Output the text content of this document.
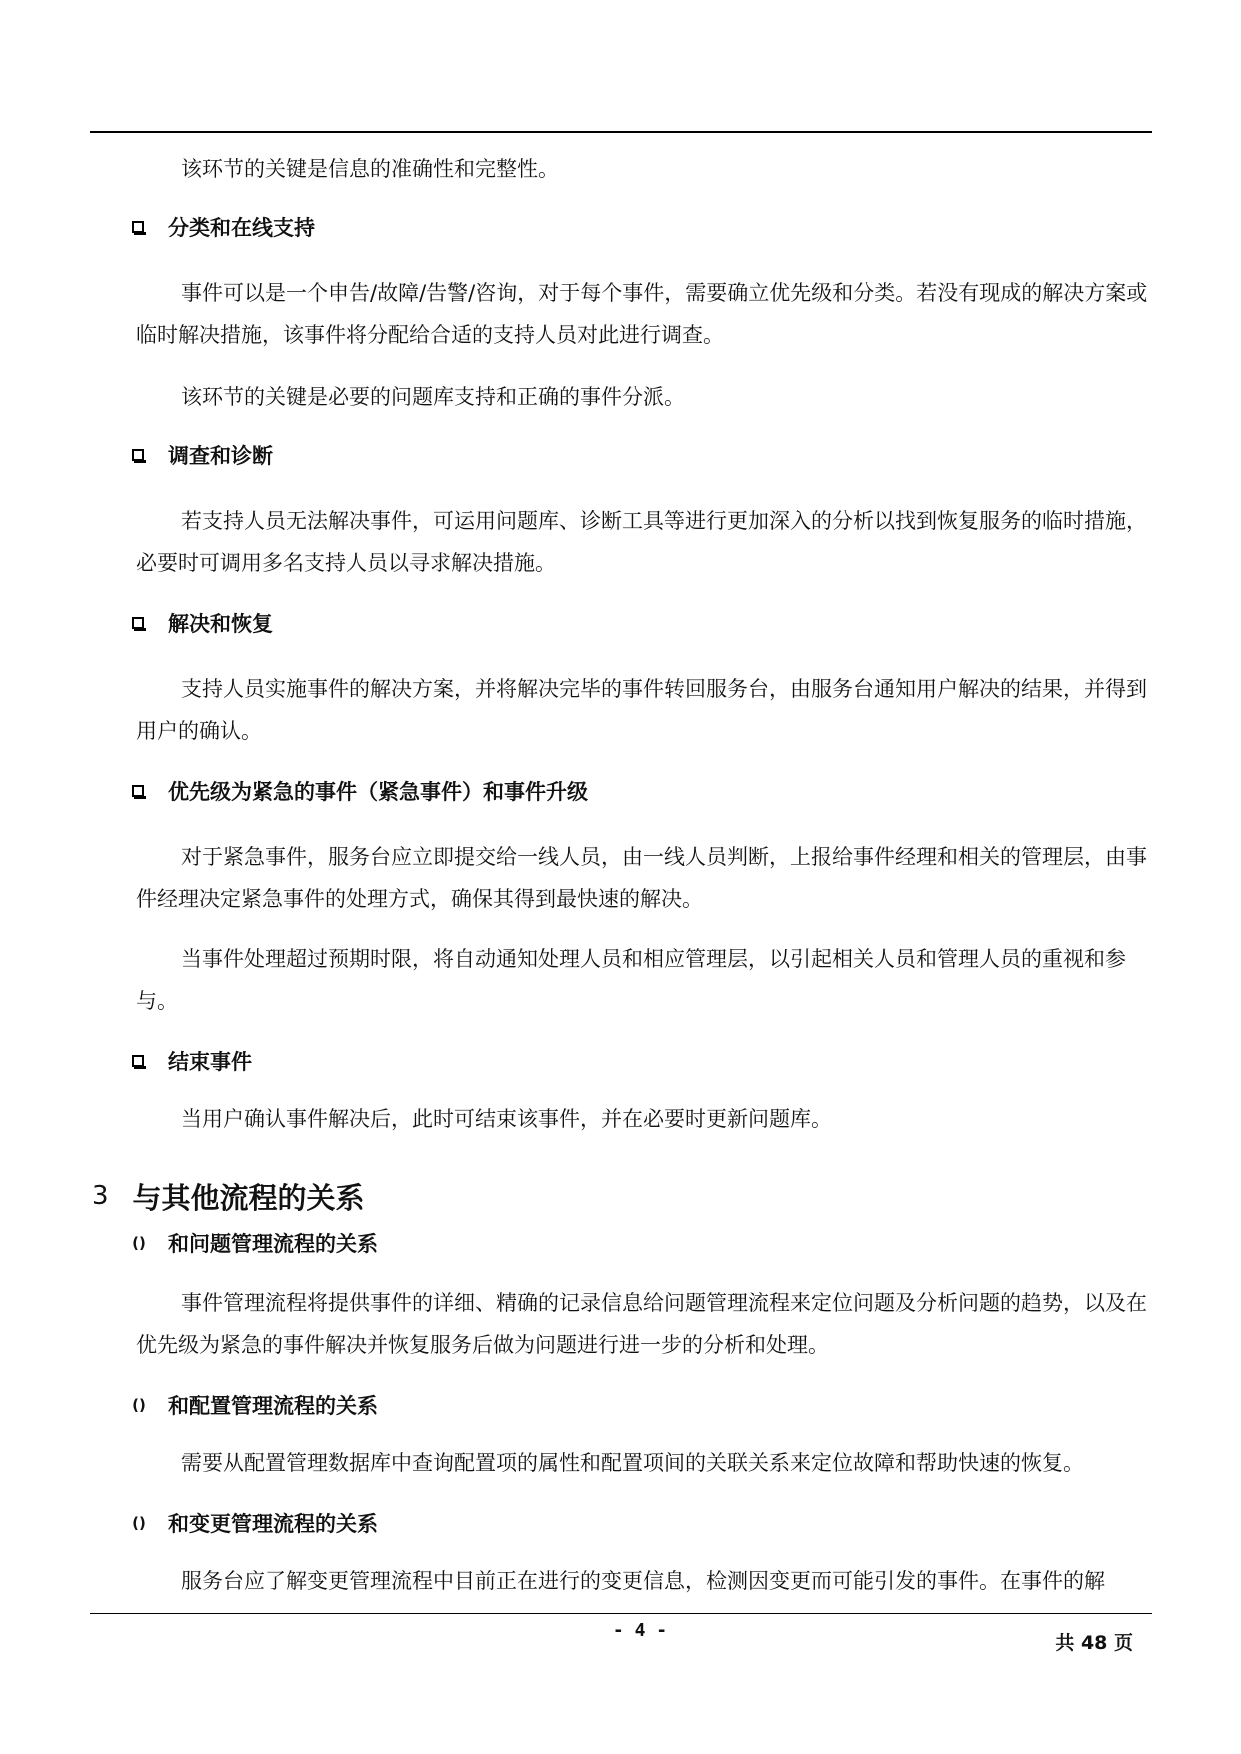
该环节的关键是信息的准确性和完整性。

分类和在线支持

事件可以是一个申告/故障/告警/咨询，对于每个事件，需要确立优先级和分类。若没有现成的解决方案或临时解决措施，该事件将分配给合适的支持人员对此进行调查。

该环节的关键是必要的问题库支持和正确的事件分派。

调查和诊断

若支持人员无法解决事件，可运用问题库、诊断工具等进行更加深入的分析以找到恢复服务的临时措施，必要时可调用多名支持人员以寻求解决措施。

解决和恢复

支持人员实施事件的解决方案，并将解决完毕的事件转回服务台，由服务台通知用户解决的结果，并得到用户的确认。

优先级为紧急的事件（紧急事件）和事件升级

对于紧急事件，服务台应立即提交给一线人员，由一线人员判断，上报给事件经理和相关的管理层，由事件经理决定紧急事件的处理方式，确保其得到最快速的解决。

当事件处理超过预期时限，将自动通知处理人员和相应管理层，以引起相关人员和管理人员的重视和参与。

结束事件

当用户确认事件解决后，此时可结束该事件，并在必要时更新问题库。

3 与其他流程的关系
() 和问题管理流程的关系

事件管理流程将提供事件的详细、精确的记录信息给问题管理流程来定位问题及分析问题的趋势，以及在优先级为紧急的事件解决并恢复服务后做为问题进行进一步的分析和处理。

() 和配置管理流程的关系

需要从配置管理数据库中查询配置项的属性和配置项间的关联关系来定位故障和帮助快速的恢复。

() 和变更管理流程的关系

服务台应了解变更管理流程中目前正在进行的变更信息，检测因变更而可能引发的事件。在事件的解

- 4 -
共 48 页
